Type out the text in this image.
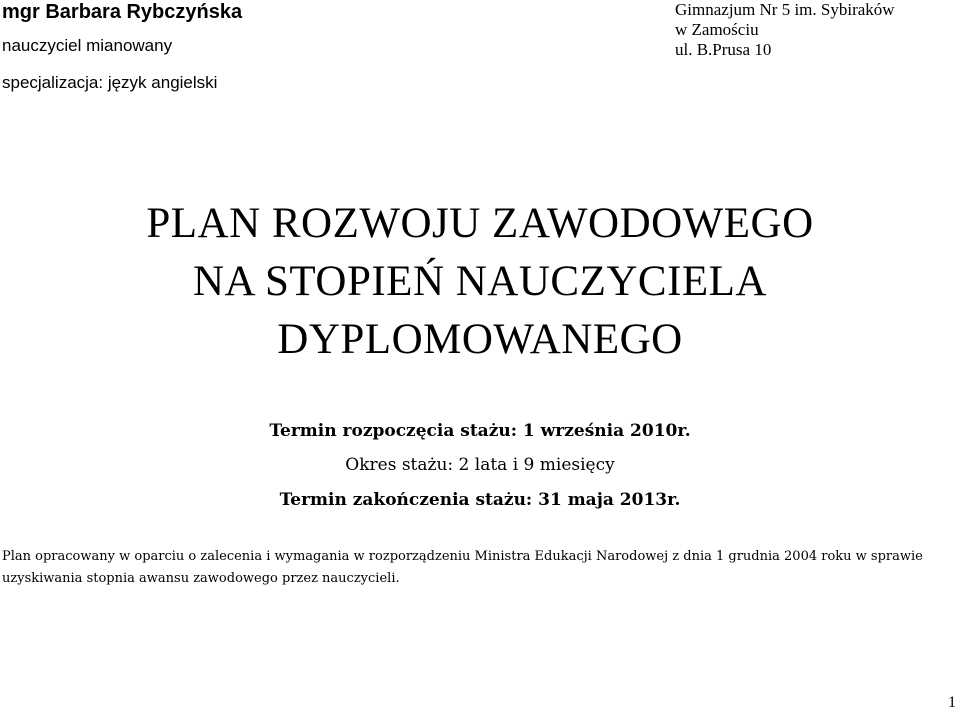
mgr Barbara Rybczyńska
nauczyciel mianowany
specjalizacja: język angielski
Gimnazjum Nr 5 im. Sybiraków
w Zamościu
ul. B.Prusa 10
PLAN ROZWOJU ZAWODOWEGO
NA STOPIEŃ NAUCZYCIELA
DYPLOMOWANEGO
Termin rozpoczęcia stażu: 1 września 2010r.
Okres stażu: 2 lata i 9 miesięcy
Termin zakończenia stażu: 31 maja 2013r.
Plan opracowany w oparciu o zalecenia i wymagania w rozporządzeniu Ministra Edukacji Narodowej z dnia 1 grudnia 2004 roku w sprawie uzyskiwania stopnia awansu zawodowego przez nauczycieli.
1
